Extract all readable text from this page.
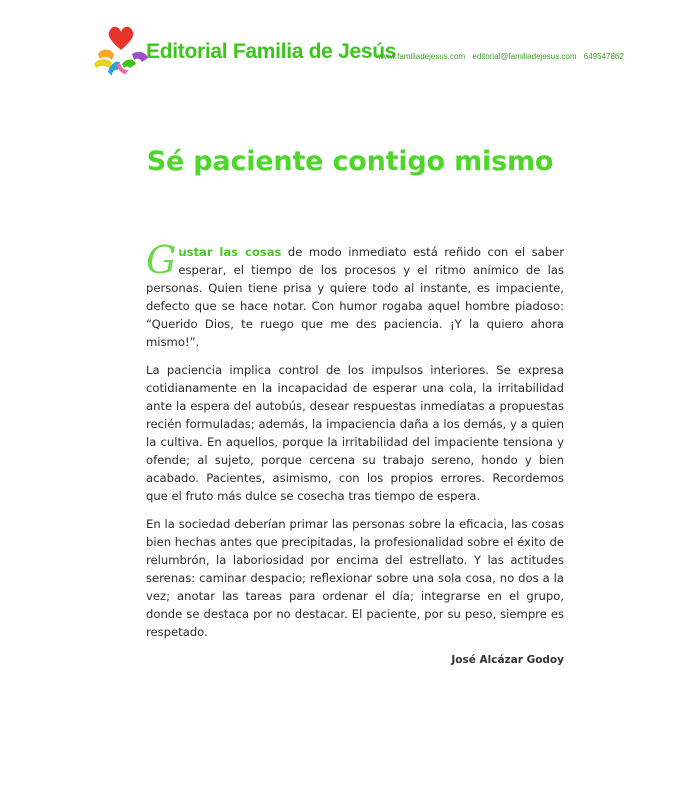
Editorial Familia de Jesús
www.familiadejesus.com editorial@familiadejesus.com 649547862
Sé paciente contigo mismo

Gustar las cosas de modo inmediato está reñido con el saber esperar, el tiempo de los procesos y el ritmo anímico de las personas. Quien tiene prisa y quiere todo al instante, es impaciente, defecto que se hace notar. Con humor rogaba aquel hombre piadoso: “Querido Dios, te ruego que me des paciencia. ¡Y la quiero ahora mismo!”.

La paciencia implica control de los impulsos interiores. Se expresa cotidianamente en la incapacidad de esperar una cola, la irritabilidad ante la espera del autobús, desear respuestas inmediatas a propuestas recién formuladas; además, la impaciencia daña a los demás, y a quien la cultiva. En aquellos, porque la irritabilidad del impaciente tensiona y ofende; al sujeto, porque cercena su trabajo sereno, hondo y bien acabado. Pacientes, asimismo, con los propios errores. Recordemos que el fruto más dulce se cosecha tras tiempo de espera.

En la sociedad deberían primar las personas sobre la eficacia, las cosas bien hechas antes que precipitadas, la profesionalidad sobre el éxito de relumbrón, la laboriosidad por encima del estrellato. Y las actitudes serenas: caminar despacio; reflexionar sobre una sola cosa, no dos a la vez; anotar las tareas para ordenar el día; integrarse en el grupo, donde se destaca por no destacar. El paciente, por su peso, siempre es respetado.

José Alcázar Godoy
